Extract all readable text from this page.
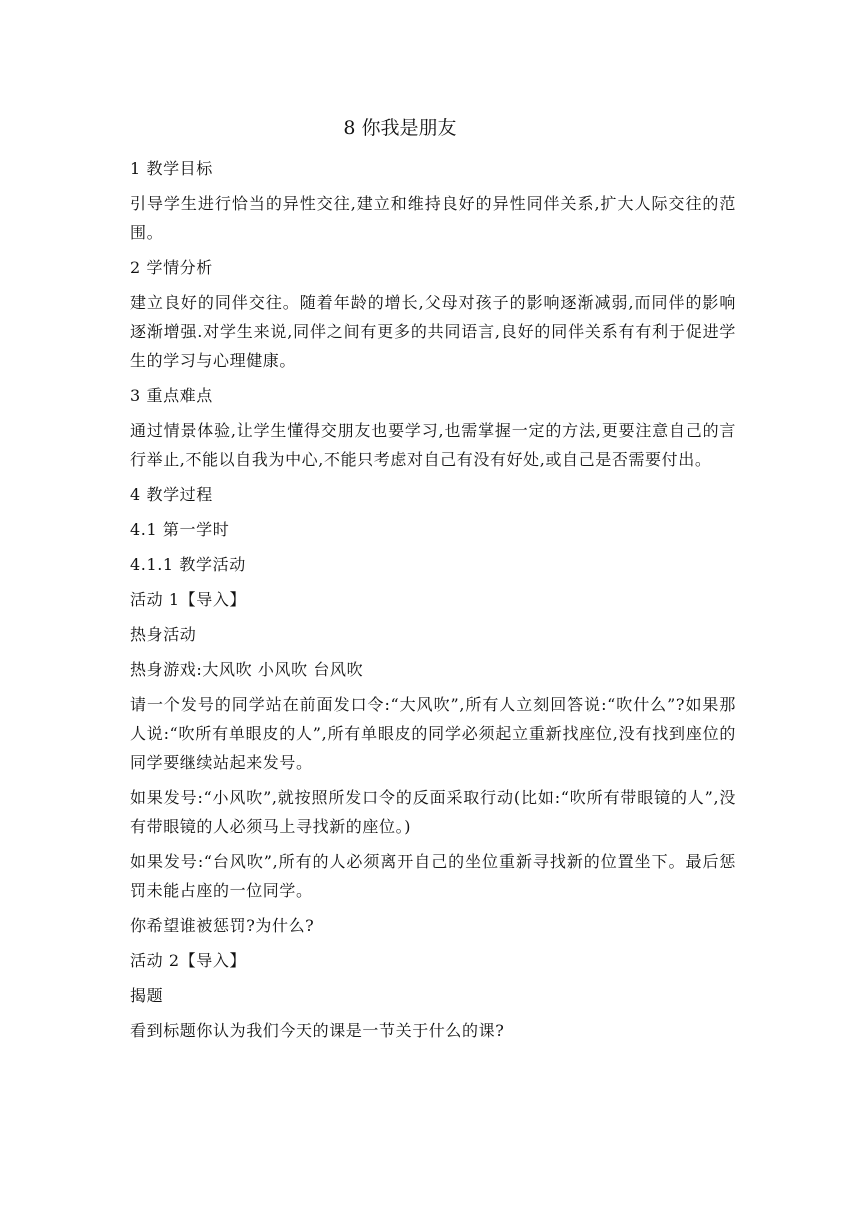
8 你我是朋友

1 教学目标

引导学生进行恰当的异性交往,建立和维持良好的异性同伴关系,扩大人际交往的范围。

2 学情分析

建立良好的同伴交往。随着年龄的增长,父母对孩子的影响逐渐减弱,而同伴的影响逐渐增强.对学生来说,同伴之间有更多的共同语言,良好的同伴关系有有利于促进学生的学习与心理健康。

3 重点难点

通过情景体验,让学生懂得交朋友也要学习,也需掌握一定的方法,更要注意自己的言行举止,不能以自我为中心,不能只考虑对自己有没有好处,或自己是否需要付出。

4 教学过程

4.1 第一学时

4.1.1 教学活动

活动 1【导入】

热身活动

热身游戏:大风吹 小风吹 台风吹

请一个发号的同学站在前面发口令:“大风吹”,所有人立刻回答说:“吹什么”?如果那人说:“吹所有单眼皮的人”,所有单眼皮的同学必须起立重新找座位,没有找到座位的同学要继续站起来发号。

如果发号:“小风吹”,就按照所发口令的反面采取行动(比如:“吹所有带眼镜的人”,没有带眼镜的人必须马上寻找新的座位。)

如果发号:“台风吹”,所有的人必须离开自己的坐位重新寻找新的位置坐下。最后惩罚未能占座的一位同学。

你希望谁被惩罚?为什么?

活动 2【导入】

揭题

看到标题你认为我们今天的课是一节关于什么的课?
